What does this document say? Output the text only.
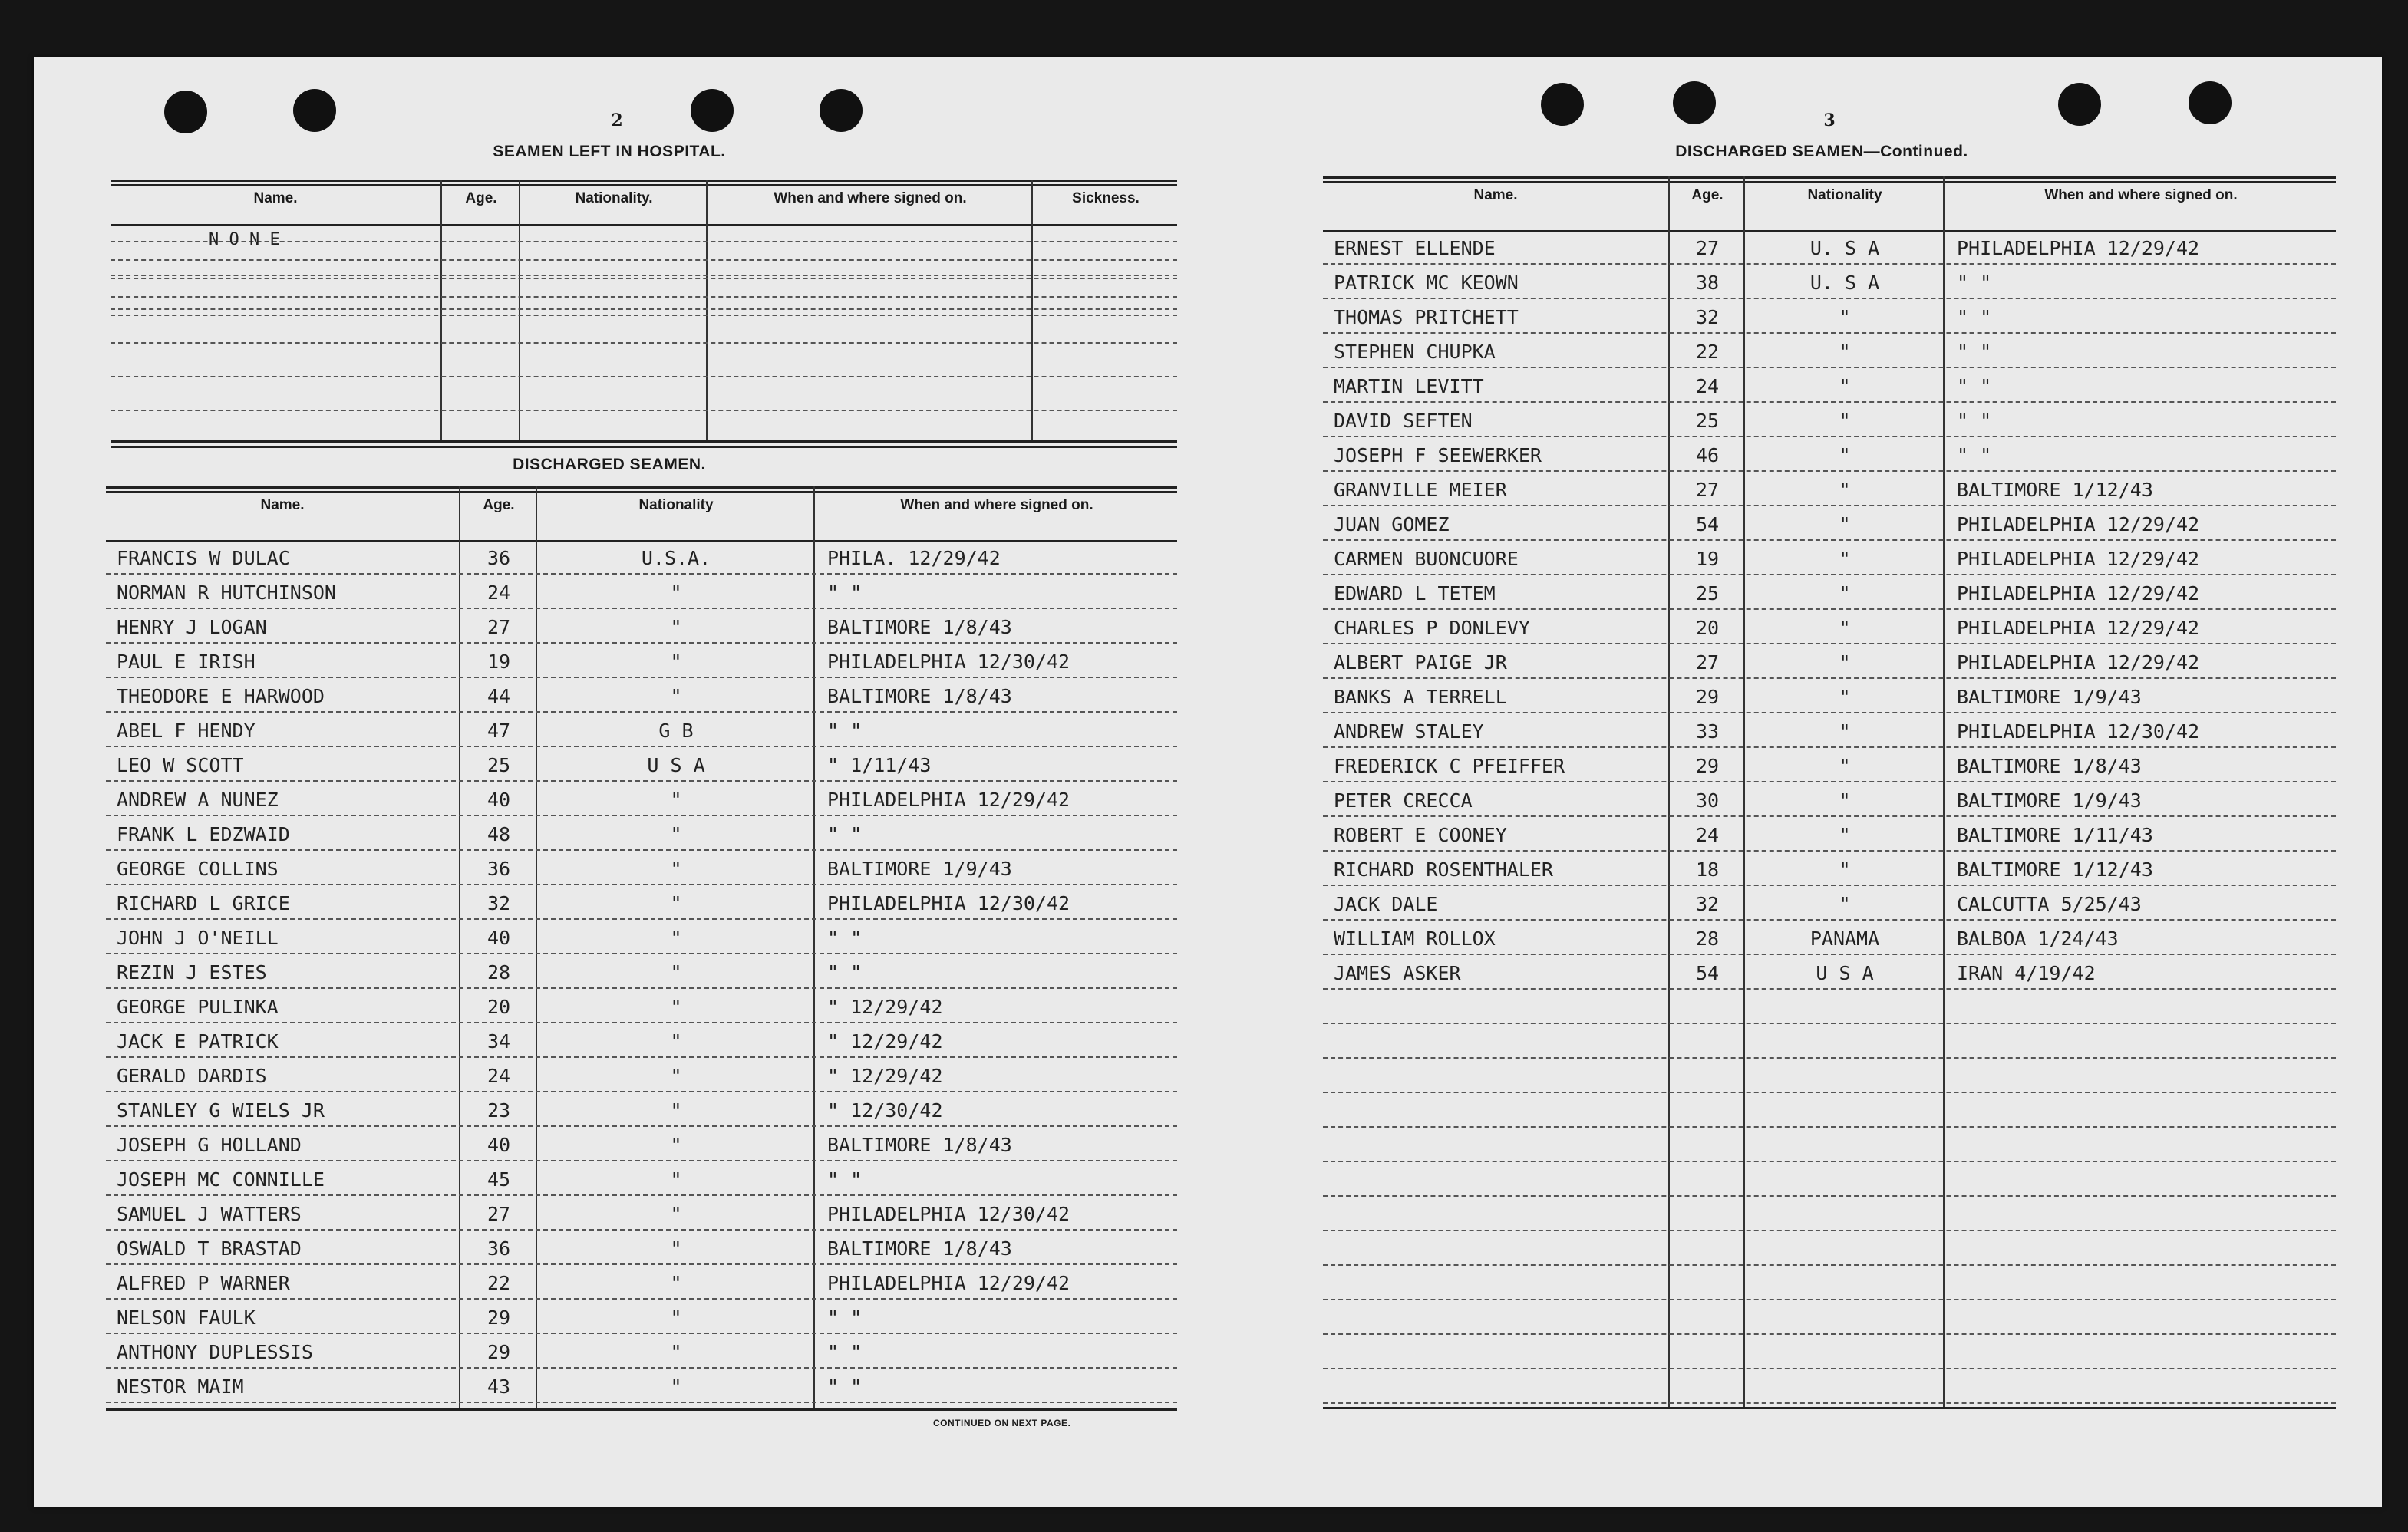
2
SEAMEN LEFT IN HOSPITAL.
Name.	Age.	Nationality.	When and where signed on.	Sickness.
N O N E
DISCHARGED SEAMEN.
Name.	Age.	Nationality	When and where signed on.
FRANCIS W DULAC	36	U.S.A.	PHILA. 12/29/42
NORMAN R HUTCHINSON	24	"	" "
HENRY J LOGAN	27	"	BALTIMORE 1/8/43
PAUL E IRISH	19	"	PHILADELPHIA 12/30/42
THEODORE E HARWOOD	44	"	BALTIMORE 1/8/43
ABEL F HENDY	47	G B	" "
LEO W SCOTT	25	U S A	" 1/11/43
ANDREW A NUNEZ	40	"	PHILADELPHIA 12/29/42
FRANK L EDZWAID	48	"	" "
GEORGE COLLINS	36	"	BALTIMORE 1/9/43
RICHARD L GRICE	32	"	PHILADELPHIA 12/30/42
JOHN J O'NEILL	40	"	" "
REZIN J ESTES	28	"	" "
GEORGE PULINKA	20	"	" 12/29/42
JACK E PATRICK	34	"	" 12/29/42
GERALD DARDIS	24	"	" 12/29/42
STANLEY G WIELS JR	23	"	" 12/30/42
JOSEPH G HOLLAND	40	"	BALTIMORE 1/8/43
JOSEPH MC CONNILLE	45	"	" "
SAMUEL J WATTERS	27	"	PHILADELPHIA 12/30/42
OSWALD T BRASTAD	36	"	BALTIMORE 1/8/43
ALFRED P WARNER	22	"	PHILADELPHIA 12/29/42
NELSON FAULK	29	"	" "
ANTHONY DUPLESSIS	29	"	" "
NESTOR MAIM	43	"	" "
CONTINUED ON NEXT PAGE.
3
DISCHARGED SEAMEN—Continued.
Name.	Age.	Nationality	When and where signed on.
ERNEST ELLENDE	27	U. S A	PHILADELPHIA 12/29/42
PATRICK MC KEOWN	38	U. S A	" "
THOMAS PRITCHETT	32	"	" "
STEPHEN CHUPKA	22	"	" "
MARTIN LEVITT	24	"	" "
DAVID SEFTEN	25	"	" "
JOSEPH F SEEWERKER	46	"	" "
GRANVILLE MEIER	27	"	BALTIMORE 1/12/43
JUAN GOMEZ	54	"	PHILADELPHIA 12/29/42
CARMEN BUONCUORE	19	"	PHILADELPHIA 12/29/42
EDWARD L TETEM	25	"	PHILADELPHIA 12/29/42
CHARLES P DONLEVY	20	"	PHILADELPHIA 12/29/42
ALBERT PAIGE JR	27	"	PHILADELPHIA 12/29/42
BANKS A TERRELL	29	"	BALTIMORE 1/9/43
ANDREW STALEY	33	"	PHILADELPHIA 12/30/42
FREDERICK C PFEIFFER	29	"	BALTIMORE 1/8/43
PETER CRECCA	30	"	BALTIMORE 1/9/43
ROBERT E COONEY	24	"	BALTIMORE 1/11/43
RICHARD ROSENTHALER	18	"	BALTIMORE 1/12/43
JACK DALE	32	"	CALCUTTA 5/25/43
WILLIAM ROLLOX	28	PANAMA	BALBOA 1/24/43
JAMES ASKER	54	U S A	IRAN 4/19/42
